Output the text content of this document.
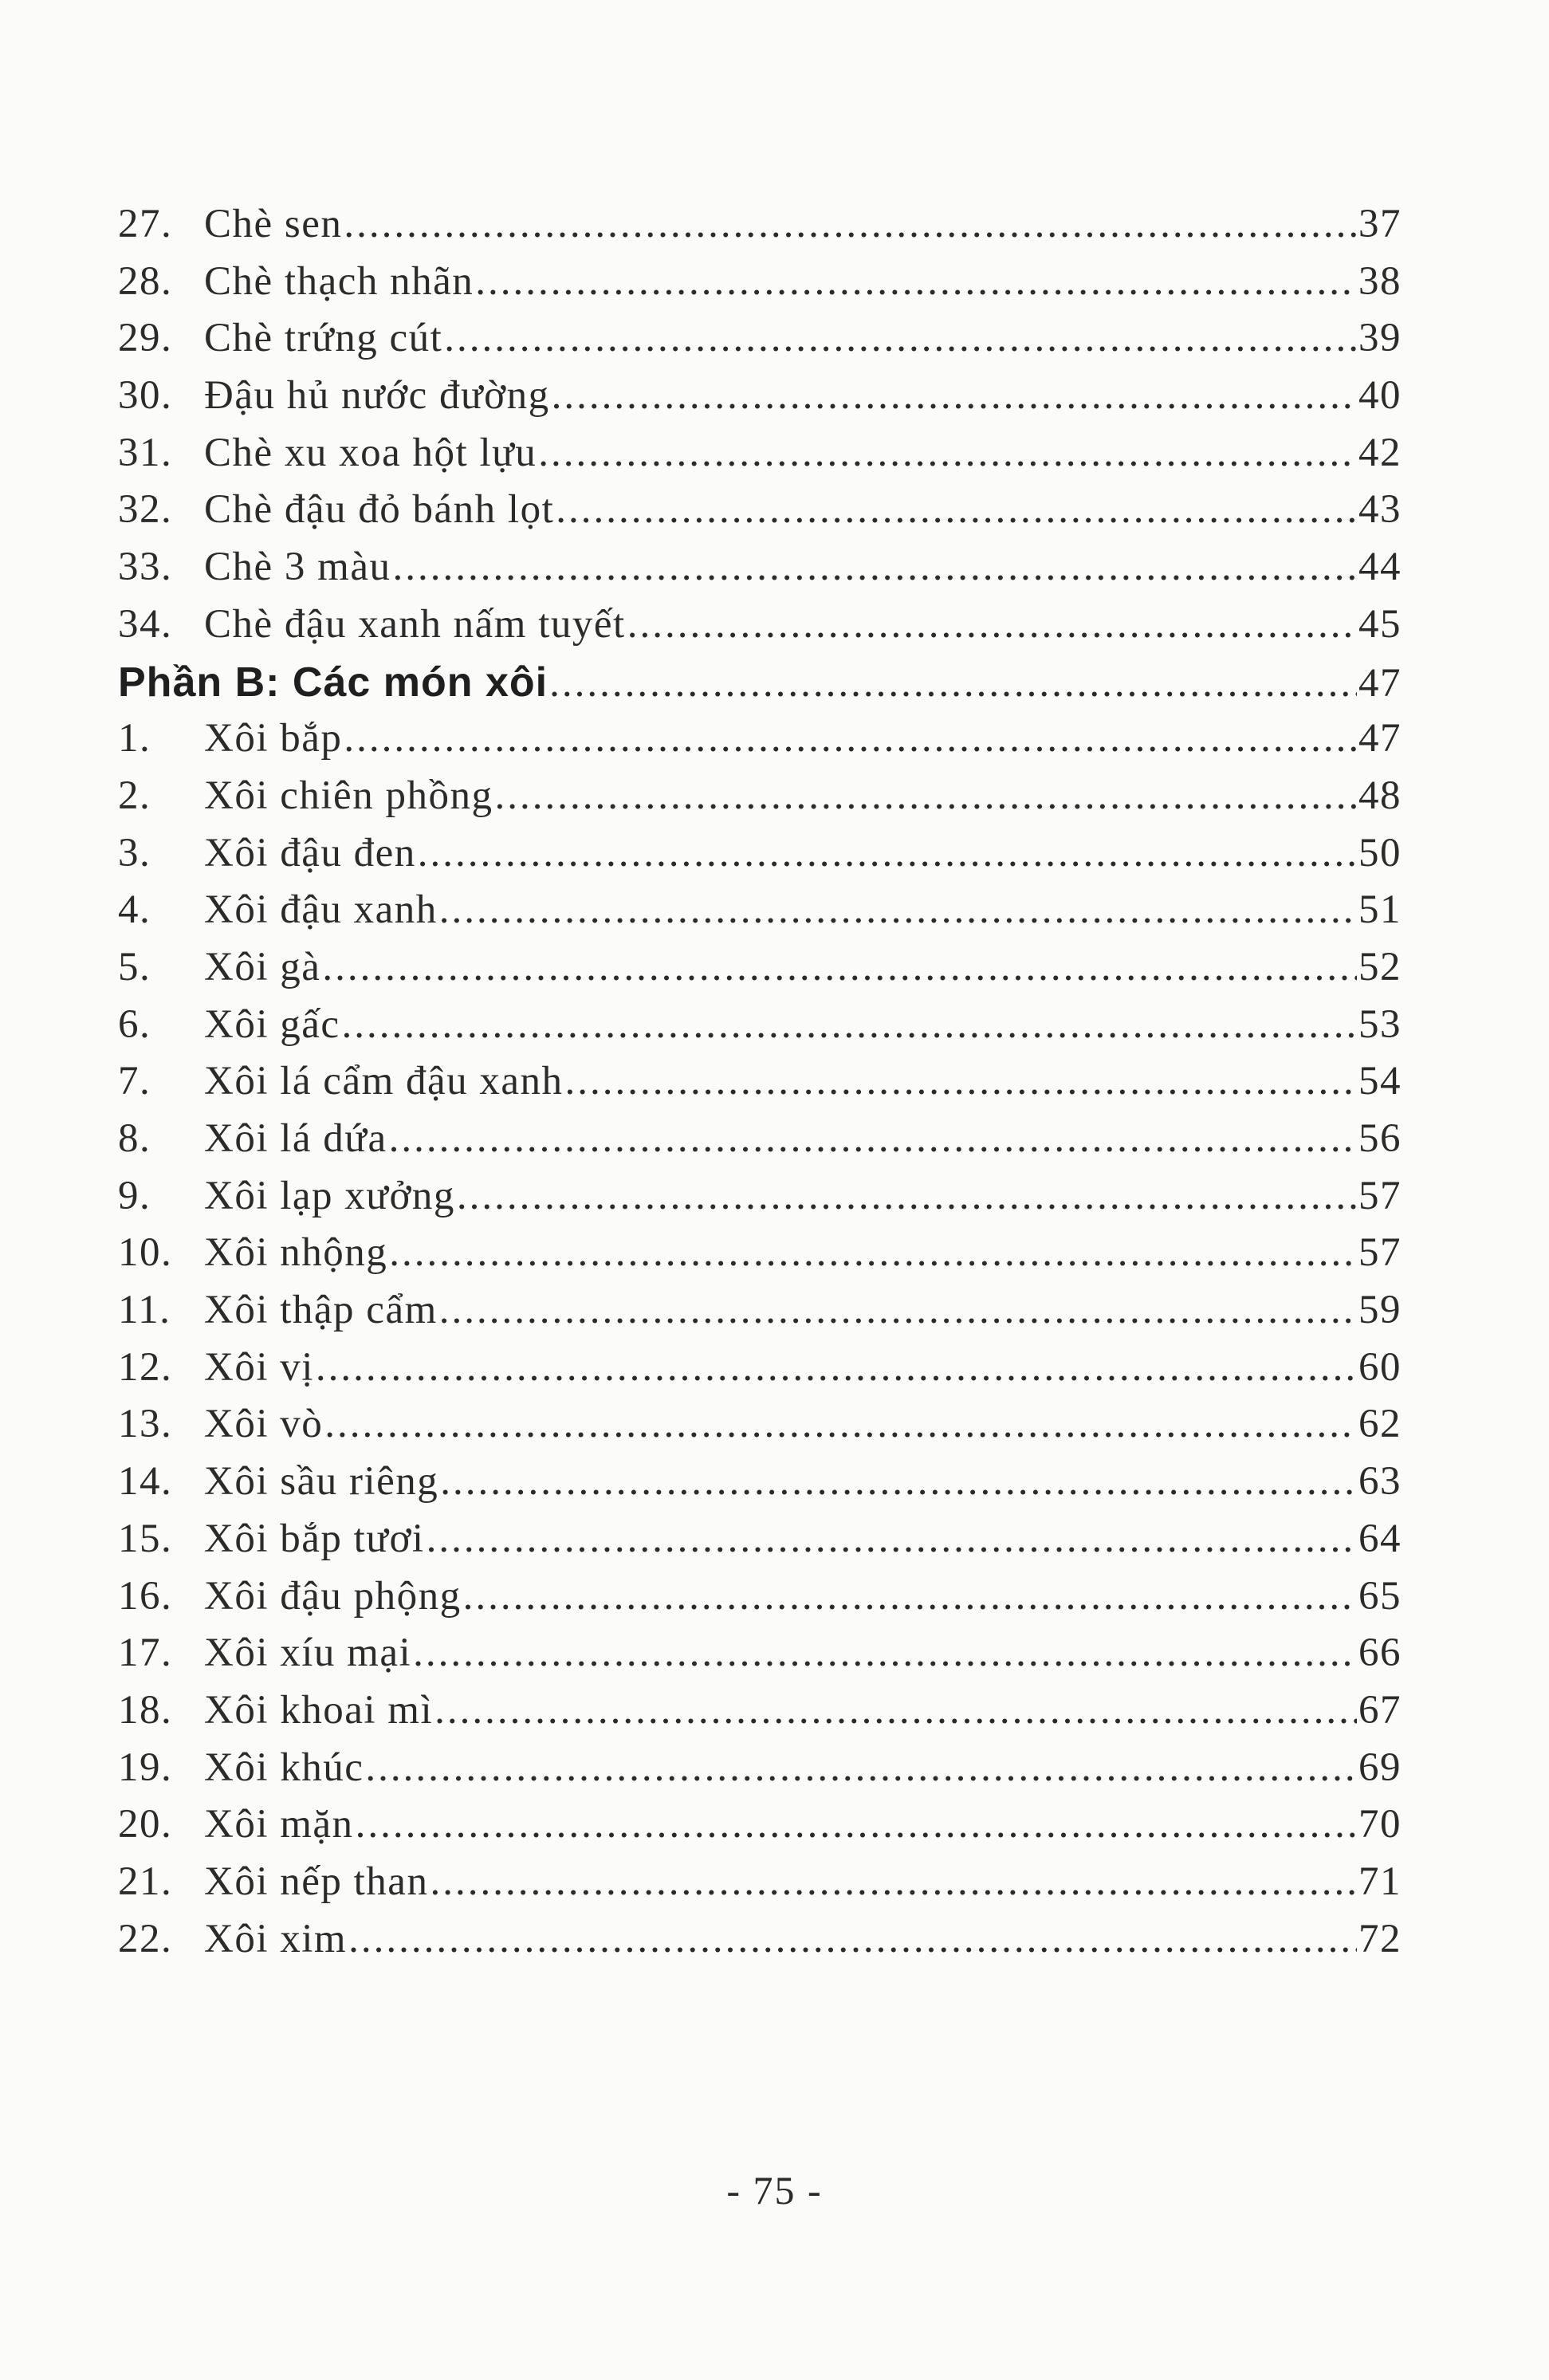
27. Chè sen .....	37
28. Chè thạch nhãn .....	38
29. Chè trứng cút .....	39
30. Đậu hủ nước đường .....	40
31. Chè xu xoa hột lựu .....	42
32. Chè đậu đỏ bánh lọt .....	43
33. Chè 3 màu .....	44
34. Chè đậu xanh nấm tuyết .....	45
Phần B: Các món xôi .....	47
1.	Xôi bắp .....	47
2.	Xôi chiên phồng .....	48
3.	Xôi đậu đen .....	50
4.	Xôi đậu xanh .....	51
5.	Xôi gà .....	52
6.	Xôi gấc .....	53
7.	Xôi lá cẩm đậu xanh .....	54
8.	Xôi lá dứa .....	56
9.	Xôi lạp xưởng .....	57
10. Xôi nhộng .....	57
11. Xôi thập cẩm .....	59
12. Xôi vị .....	60
13. Xôi vò .....	62
14. Xôi sầu riêng .....	63
15. Xôi bắp tươi .....	64
16. Xôi đậu phộng .....	65
17. Xôi xíu mại .....	66
18. Xôi khoai mì .....	67
19. Xôi khúc .....	69
20. Xôi mặn .....	70
21. Xôi nếp than .....	71
22. Xôi xim .....	72
- 75 -
